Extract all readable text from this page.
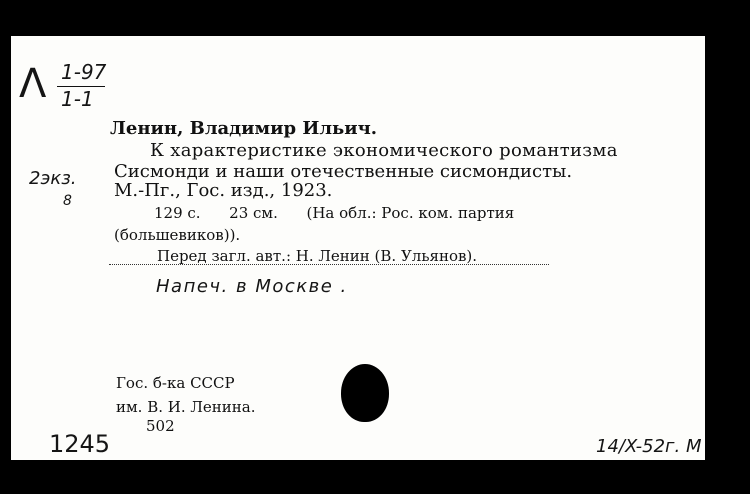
Λ 1-97
1-1
2экз.
8
Ленин, Владимир Ильич.
К характеристике экономического романтизма
Сисмонди и наши отечественные сисмондисты.
М.-Пг., Гос. изд., 1923.
129 с.      23 см.      (На обл.: Рос. ком. партия
(большевиков)).
Перед загл. авт.: Н. Ленин (В. Ульянов).
Напеч. в Москве .
Гос. б-ка СССР
им. В. И. Ленина.
502
1245	14/X-52г. М
